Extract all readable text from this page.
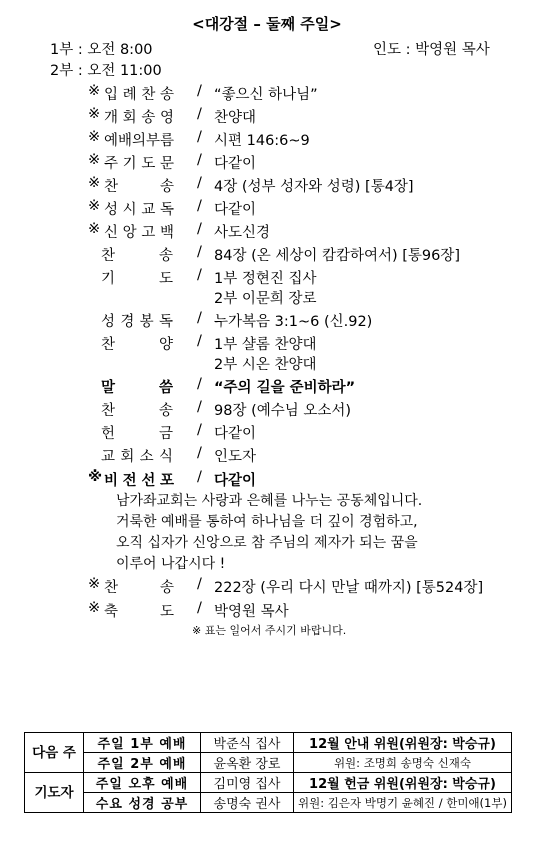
<대강절 – 둘째 주일>
1부 : 오전 8:00
2부 : 오전 11:00
인도 : 박영원 목사
※ 입 례 찬 송 / “좋으신 하나님”
※ 개 회 송 영 / 찬양대
※ 예배의 부름 / 시편 146:6~9
※ 주 기 도 문 / 다같이
※ 찬	송 / 4장 (성부 성자와 성령) [통4장]
※ 성 시 교 독 / 다같이
※ 신 앙 고 백 / 사도신경
찬	송 / 84장 (온 세상이 캄캄하여서) [통96장]
기	도 / 1부 정현진 집사
2부 이문희 장로
성 경 봉 독 / 누가복음 3:1~6 (신.92)
찬	양 / 1부 샬롬 찬양대
2부 시온 찬양대
말	씀 / “주의 길을 준비하라”
찬	송 / 98장 (예수님 오소서)
헌	금 / 다같이
교 회 소 식 / 인도자
※ 비 전 선 포 / 다같이
※ 찬	송 / 222장 (우리 다시 만날 때까지) [통524장]
※ 축	도 / 박영원 목사
남가좌교회는 사랑과 은혜를 나누는 공동체입니다.
거룩한 예배를 통하여 하나님을 더 깊이 경험하고,
오직 십자가 신앙으로 참 주님의 제자가 되는 꿈을
이루어 나갑시다 !
※ 표는 일어서 주시기 바랍니다.
다음 주	주일 1부 예배	박준식 집사	12월 안내 위원(위원장: 박승규)
	주일 2부 예배	윤옥환 장로	위원: 조명희 송명숙 신재숙
기도자	주일 오후 예배	김미영 집사	12월 헌금 위원(위원장: 박승규)
	수요 성경 공부	송명숙 권사	위원: 김은자 박명기 윤혜진 / 한미애(1부)
